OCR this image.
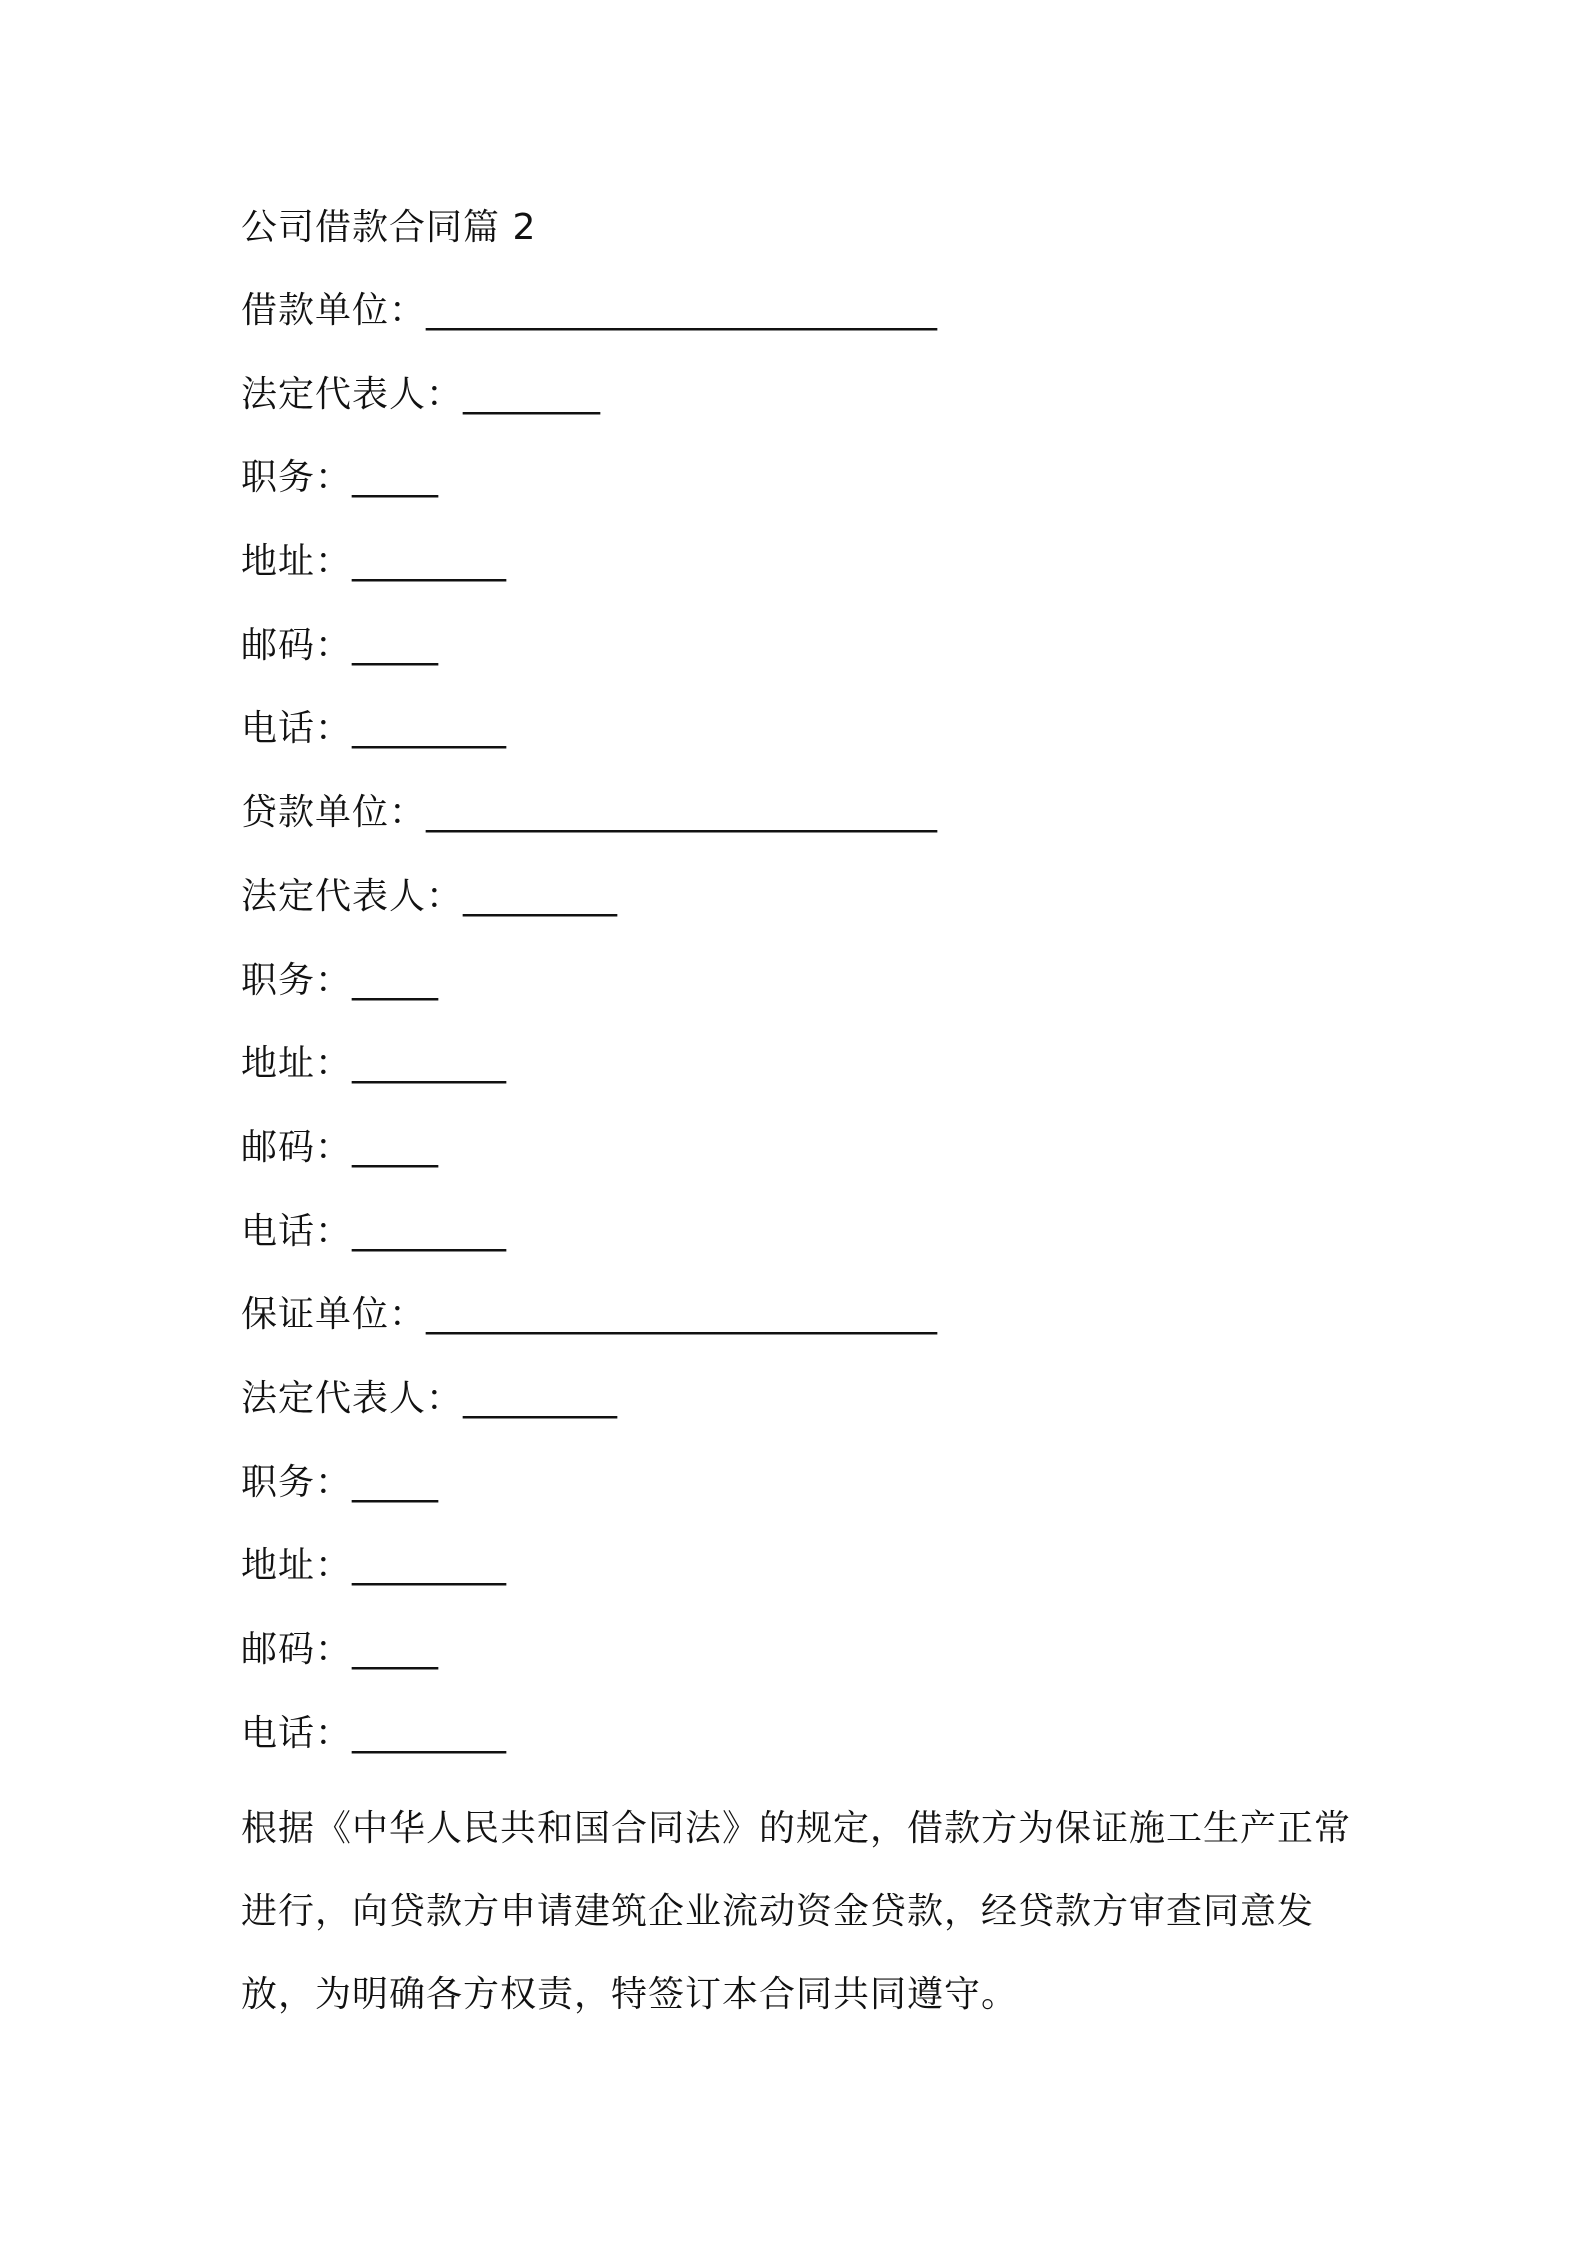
公司借款合同篇 2
借款单位：______________________________
法定代表人：________
职务：_____
地址：_________
邮码：_____
电话：_________
贷款单位：______________________________
法定代表人：_________
职务：_____
地址：_________
邮码：_____
电话：_________
保证单位：______________________________
法定代表人：_________
职务：_____
地址：_________
邮码：_____
电话：_________
根据《中华人民共和国合同法》的规定，借款方为保证施工生产正常进行，向贷款方申请建筑企业流动资金贷款，经贷款方审查同意发放，为明确各方权责，特签订本合同共同遵守。
